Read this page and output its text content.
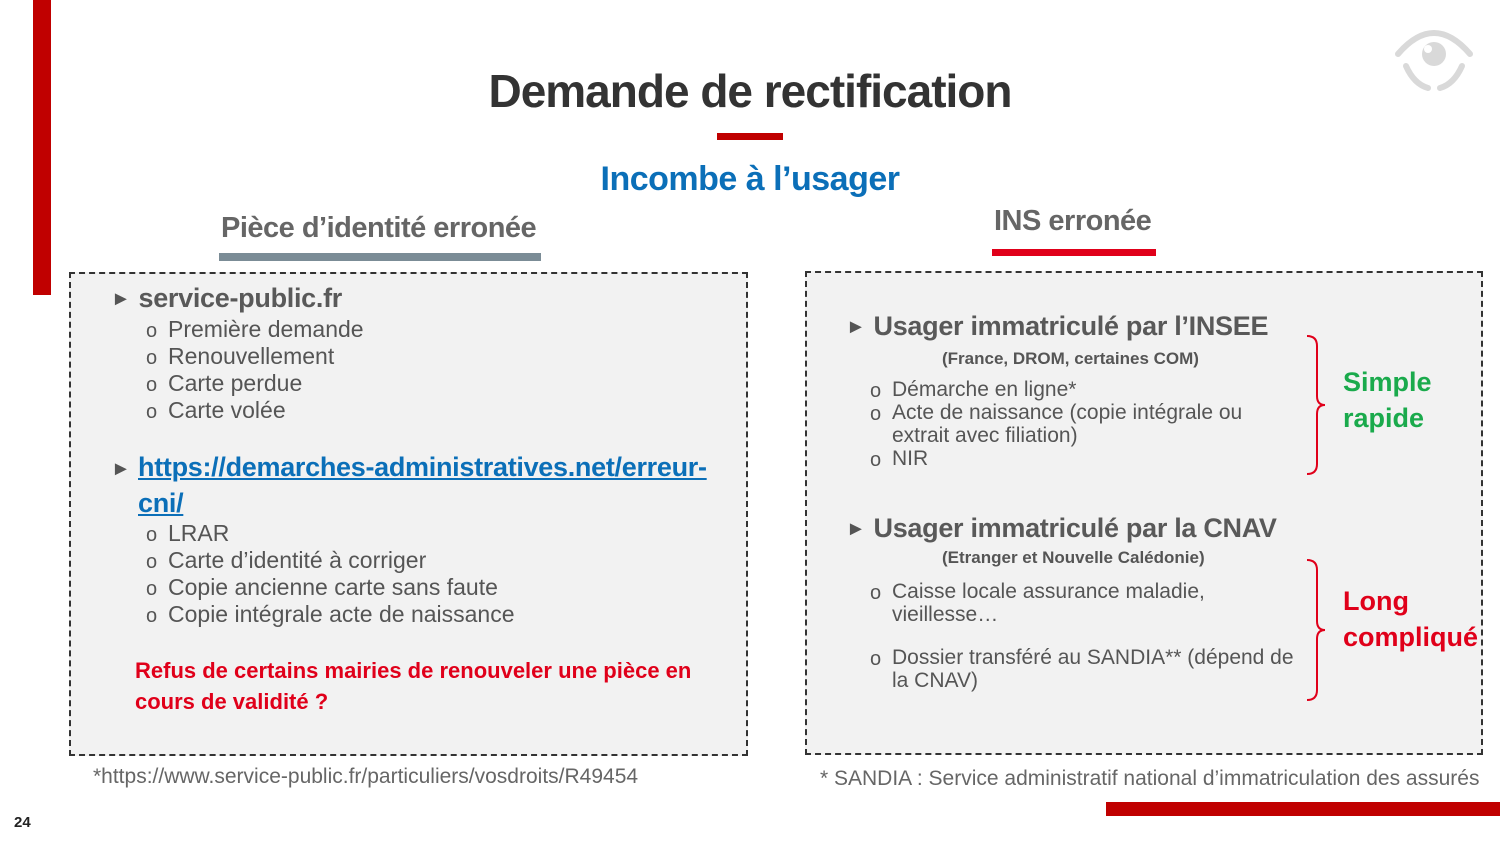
24
Demande de rectification
Incombe à l’usager
Pièce d’identité erronée	INS erronée
► service-public.fr
o Première demande
o Renouvellement
o Carte perdue
o Carte volée
► https://demarches-administratives.net/erreur-
cni/
o LRAR
o Carte d’identité à corriger
o Copie ancienne carte sans faute
o Copie intégrale acte de naissance
Refus de certains mairies de renouveler une pièce en
cours de validité ?
*https://www.service-public.fr/particuliers/vosdroits/R49454
► Usager immatriculé par l’INSEE
(France, DROM, certaines COM)
o Démarche en ligne*
o Acte de naissance (copie intégrale ou extrait avec filiation)
o NIR
Simple
rapide
► Usager immatriculé par la CNAV
(Etranger et Nouvelle Calédonie)
o Caisse locale assurance maladie, vieillesse…
o Dossier transféré au SANDIA** (dépend de la CNAV)
Long
compliqué
* SANDIA : Service administratif national d’immatriculation des assurés
